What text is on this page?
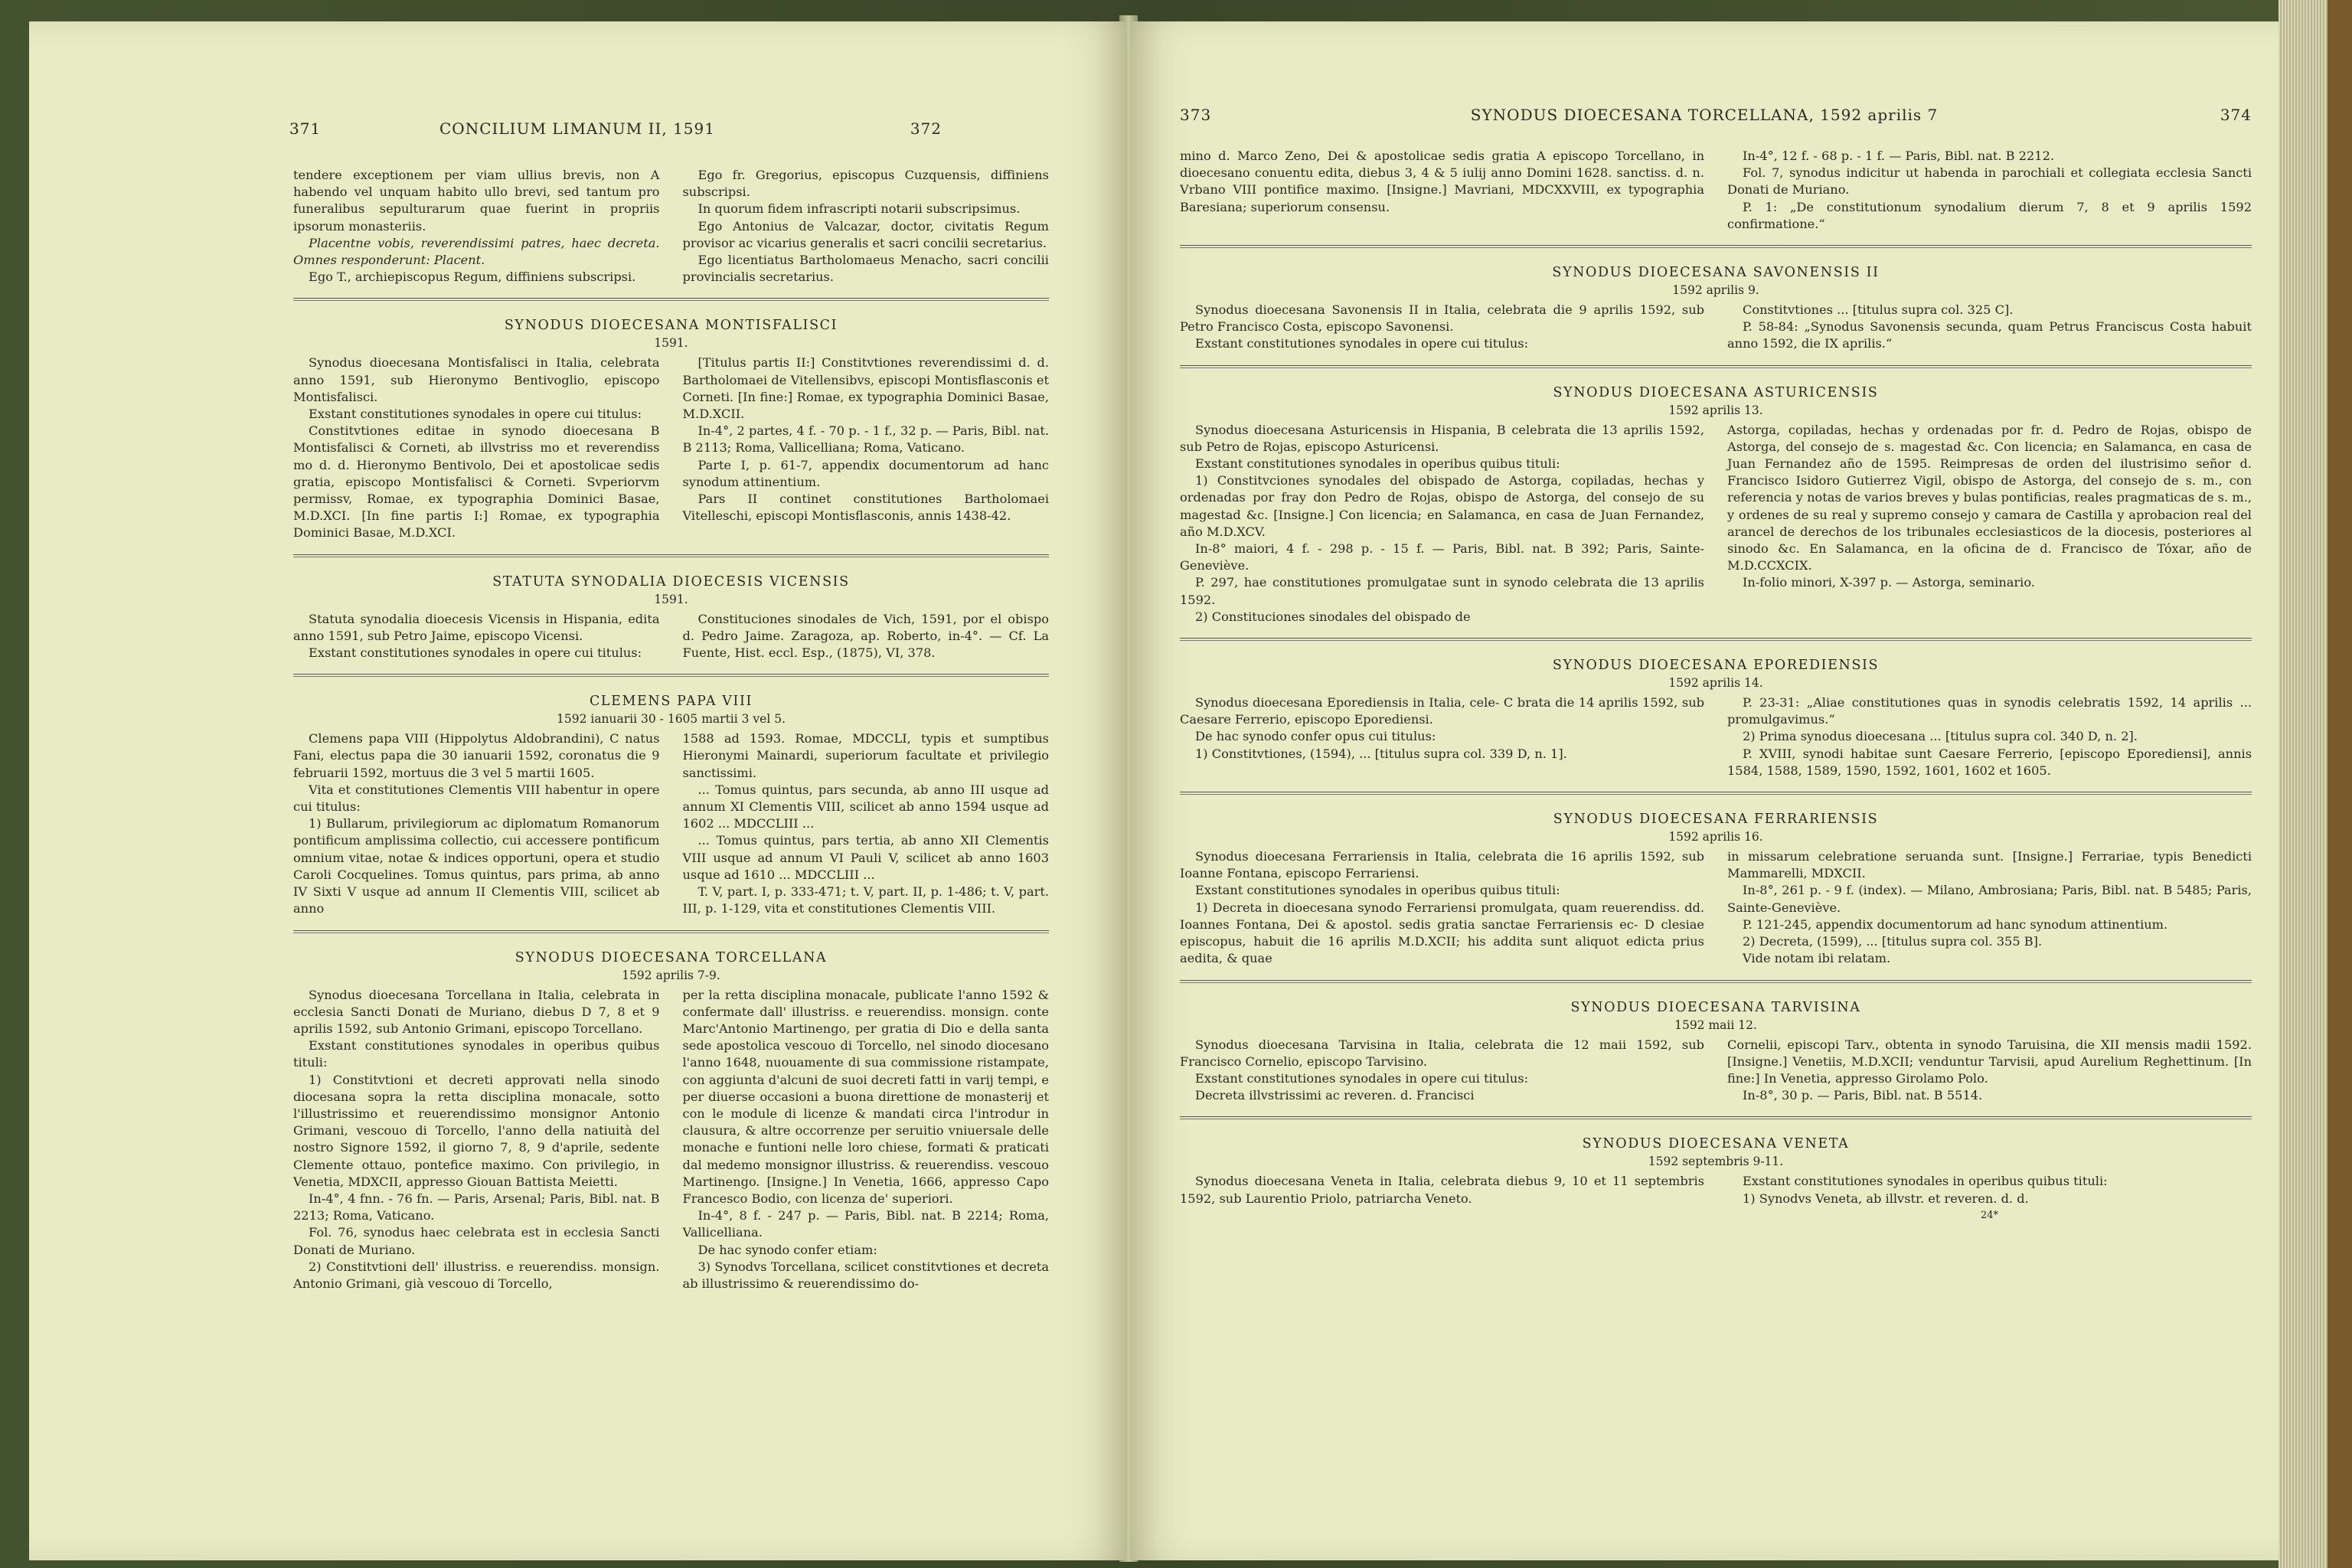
371	CONCILIUM LIMANUM II, 1591	372

tendere exceptionem per viam ullius brevis, non A habendo vel unquam habito ullo brevi, sed tantum pro funeralibus sepulturarum quae fuerint in propriis ipsorum monasteriis.

Placentne vobis, reverendissimi patres, haec decreta. Omnes responderunt: Placent.

Ego T., archiepiscopus Regum, diffiniens subscripsi.

Ego fr. Gregorius, episcopus Cuzquensis, diffiniens subscripsi.

In quorum fidem infrascripti notarii subscripsimus.

Ego Antonius de Valcazar, doctor, civitatis Regum provisor ac vicarius generalis et sacri concilii secretarius.

Ego licentiatus Bartholomaeus Menacho, sacri concilii provincialis secretarius.

SYNODUS DIOECESANA MONTISFALISCI

1591.

Synodus dioecesana Montisfalisci in Italia, celebrata anno 1591, sub Hieronymo Bentivoglio, episcopo Montisfalisci.

Exstant constitutiones synodales in opere cui titulus:

Constitvtiones editae in synodo dioecesana B Montisfalisci & Corneti, ab illvstriss mo et reverendiss mo d. d. Hieronymo Bentivolo, Dei et apostolicae sedis gratia, episcopo Montisfalisci & Corneti. Svperiorvm permissv, Romae, ex typographia Dominici Basae, M.D.XCI. [In fine partis I:] Romae, ex typographia Dominici Basae, M.D.XCI.

[Titulus partis II:] Constitvtiones reverendissimi d. d. Bartholomaei de Vitellensibvs, episcopi Montisflasconis et Corneti. [In fine:] Romae, ex typographia Dominici Basae, M.D.XCII.

In-4°, 2 partes, 4 f. - 70 p. - 1 f., 32 p. — Paris, Bibl. nat. B 2113; Roma, Vallicelliana; Roma, Vaticano.

Parte I, p. 61-7, appendix documentorum ad hanc synodum attinentium.

Pars II continet constitutiones Bartholomaei Vitelleschi, episcopi Montisflasconis, annis 1438-42.

STATUTA SYNODALIA DIOECESIS VICENSIS

1591.

Statuta synodalia dioecesis Vicensis in Hispania, edita anno 1591, sub Petro Jaime, episcopo Vicensi.

Exstant constitutiones synodales in opere cui titulus:

Constituciones sinodales de Vich, 1591, por el obispo d. Pedro Jaime. Zaragoza, ap. Roberto, in-4°. — Cf. La Fuente, Hist. eccl. Esp., (1875), VI, 378.

CLEMENS PAPA VIII

1592 ianuarii 30 - 1605 martii 3 vel 5.

Clemens papa VIII (Hippolytus Aldobrandini), C natus Fani, electus papa die 30 ianuarii 1592, coronatus die 9 februarii 1592, mortuus die 3 vel 5 martii 1605.

Vita et constitutiones Clementis VIII habentur in opere cui titulus:

1) Bullarum, privilegiorum ac diplomatum Romanorum pontificum amplissima collectio, cui accessere pontificum omnium vitae, notae & indices opportuni, opera et studio Caroli Cocquelines. Tomus quintus, pars prima, ab anno IV Sixti V usque ad annum II Clementis VIII, scilicet ab anno

1588 ad 1593. Romae, MDCCLI, typis et sumptibus Hieronymi Mainardi, superiorum facultate et privilegio sanctissimi.

... Tomus quintus, pars secunda, ab anno III usque ad annum XI Clementis VIII, scilicet ab anno 1594 usque ad 1602 ... MDCCLIII ...

... Tomus quintus, pars tertia, ab anno XII Clementis VIII usque ad annum VI Pauli V, scilicet ab anno 1603 usque ad 1610 ... MDCCLIII ...

T. V, part. I, p. 333-471; t. V, part. II, p. 1-486; t. V, part. III, p. 1-129, vita et constitutiones Clementis VIII.

SYNODUS DIOECESANA TORCELLANA

1592 aprilis 7-9.

Synodus dioecesana Torcellana in Italia, celebrata in ecclesia Sancti Donati de Muriano, diebus D 7, 8 et 9 aprilis 1592, sub Antonio Grimani, episcopo Torcellano.

Exstant constitutiones synodales in operibus quibus tituli:

1) Constitvtioni et decreti approvati nella sinodo diocesana sopra la retta disciplina monacale, sotto l'illustrissimo et reuerendissimo monsignor Antonio Grimani, vescouo di Torcello, l'anno della natiuità del nostro Signore 1592, il giorno 7, 8, 9 d'aprile, sedente Clemente ottauo, pontefice maximo. Con privilegio, in Venetia, MDXCII, appresso Giouan Battista Meietti.

In-4°, 4 fnn. - 76 fn. — Paris, Arsenal; Paris, Bibl. nat. B 2213; Roma, Vaticano.

Fol. 76, synodus haec celebrata est in ecclesia Sancti Donati de Muriano.

2) Constitvtioni dell' illustriss. e reuerendiss. monsign. Antonio Grimani, già vescouo di Torcello,

per la retta disciplina monacale, publicate l'anno 1592 & confermate dall' illustriss. e reuerendiss. monsign. conte Marc'Antonio Martinengo, per gratia di Dio e della santa sede apostolica vescouo di Torcello, nel sinodo diocesano l'anno 1648, nuouamente di sua commissione ristampate, con aggiunta d'alcuni de suoi decreti fatti in varij tempi, e per diuerse occasioni a buona direttione de monasterij et con le module di licenze & mandati circa l'introdur in clausura, & altre occorrenze per seruitio vniuersale delle monache e funtioni nelle loro chiese, formati & praticati dal medemo monsignor illustriss. & reuerendiss. vescouo Martinengo. [Insigne.] In Venetia, 1666, appresso Capo Francesco Bodio, con licenza de' superiori.

In-4°, 8 f. - 247 p. — Paris, Bibl. nat. B 2214; Roma, Vallicelliana.

De hac synodo confer etiam:

3) Synodvs Torcellana, scilicet constitvtiones et decreta ab illustrissimo & reuerendissimo do-

373	SYNODUS DIOECESANA TORCELLANA, 1592 aprilis 7	374

mino d. Marco Zeno, Dei & apostolicae sedis gratia A episcopo Torcellano, in dioecesano conuentu edita, diebus 3, 4 & 5 iulij anno Domini 1628. sanctiss. d. n. Vrbano VIII pontifice maximo. [Insigne.] Mavriani, MDCXXVIII, ex typographia Baresiana; superiorum consensu.

In-4°, 12 f. - 68 p. - 1 f. — Paris, Bibl. nat. B 2212.

Fol. 7, synodus indicitur ut habenda in parochiali et collegiata ecclesia Sancti Donati de Muriano.

P. 1: „De constitutionum synodalium dierum 7, 8 et 9 aprilis 1592 confirmatione.“

SYNODUS DIOECESANA SAVONENSIS II

1592 aprilis 9.

Synodus dioecesana Savonensis II in Italia, celebrata die 9 aprilis 1592, sub Petro Francisco Costa, episcopo Savonensi.

Exstant constitutiones synodales in opere cui titulus:

Constitvtiones ... [titulus supra col. 325 C].

P. 58-84: „Synodus Savonensis secunda, quam Petrus Franciscus Costa habuit anno 1592, die IX aprilis.“

SYNODUS DIOECESANA ASTURICENSIS

1592 aprilis 13.

Synodus dioecesana Asturicensis in Hispania, B celebrata die 13 aprilis 1592, sub Petro de Rojas, episcopo Asturicensi.

Exstant constitutiones synodales in operibus quibus tituli:

1) Constitvciones synodales del obispado de Astorga, copiladas, hechas y ordenadas por fray don Pedro de Rojas, obispo de Astorga, del consejo de su magestad &c. [Insigne.] Con licencia; en Salamanca, en casa de Juan Fernandez, año M.D.XCV.

In-8° maiori, 4 f. - 298 p. - 15 f. — Paris, Bibl. nat. B 392; Paris, Sainte-Geneviève.

P. 297, hae constitutiones promulgatae sunt in synodo celebrata die 13 aprilis 1592.

2) Constituciones sinodales del obispado de

Astorga, copiladas, hechas y ordenadas por fr. d. Pedro de Rojas, obispo de Astorga, del consejo de s. magestad &c. Con licencia; en Salamanca, en casa de Juan Fernandez año de 1595. Reimpresas de orden del ilustrisimo señor d. Francisco Isidoro Gutierrez Vigil, obispo de Astorga, del consejo de s. m., con referencia y notas de varios breves y bulas pontificias, reales pragmaticas de s. m., y ordenes de su real y supremo consejo y camara de Castilla y aprobacion real del arancel de derechos de los tribunales ecclesiasticos de la diocesis, posteriores al sinodo &c. En Salamanca, en la oficina de d. Francisco de Tóxar, año de M.D.CCXCIX.

In-folio minori, X-397 p. — Astorga, seminario.

SYNODUS DIOECESANA EPOREDIENSIS

1592 aprilis 14.

Synodus dioecesana Eporediensis in Italia, cele- C brata die 14 aprilis 1592, sub Caesare Ferrerio, episcopo Eporediensi.

De hac synodo confer opus cui titulus:

1) Constitvtiones, (1594), ... [titulus supra col. 339 D, n. 1].

P. 23-31: „Aliae constitutiones quas in synodis celebratis 1592, 14 aprilis ... promulgavimus.“

2) Prima synodus dioecesana ... [titulus supra col. 340 D, n. 2].

P. XVIII, synodi habitae sunt Caesare Ferrerio, [episcopo Eporediensi], annis 1584, 1588, 1589, 1590, 1592, 1601, 1602 et 1605.

SYNODUS DIOECESANA FERRARIENSIS

1592 aprilis 16.

Synodus dioecesana Ferrariensis in Italia, celebrata die 16 aprilis 1592, sub Ioanne Fontana, episcopo Ferrariensi.

Exstant constitutiones synodales in operibus quibus tituli:

1) Decreta in dioecesana synodo Ferrariensi promulgata, quam reuerendiss. dd. Ioannes Fontana, Dei & apostol. sedis gratia sanctae Ferrariensis ec- D clesiae episcopus, habuit die 16 aprilis M.D.XCII; his addita sunt aliquot edicta prius aedita, & quae

in missarum celebratione seruanda sunt. [Insigne.] Ferrariae, typis Benedicti Mammarelli, MDXCII.

In-8°, 261 p. - 9 f. (index). — Milano, Ambrosiana; Paris, Bibl. nat. B 5485; Paris, Sainte-Geneviève.

P. 121-245, appendix documentorum ad hanc synodum attinentium.

2) Decreta, (1599), ... [titulus supra col. 355 B].

Vide notam ibi relatam.

SYNODUS DIOECESANA TARVISINA

1592 maii 12.

Synodus dioecesana Tarvisina in Italia, celebrata die 12 maii 1592, sub Francisco Cornelio, episcopo Tarvisino.

Exstant constitutiones synodales in opere cui titulus:

Decreta illvstrissimi ac reveren. d. Francisci

Cornelii, episcopi Tarv., obtenta in synodo Taruisina, die XII mensis madii 1592. [Insigne.] Venetiis, M.D.XCII; venduntur Tarvisii, apud Aurelium Reghettinum. [In fine:] In Venetia, appresso Girolamo Polo.

In-8°, 30 p. — Paris, Bibl. nat. B 5514.

SYNODUS DIOECESANA VENETA

1592 septembris 9-11.

Synodus dioecesana Veneta in Italia, celebrata diebus 9, 10 et 11 septembris 1592, sub Laurentio Priolo, patriarcha Veneto.

Exstant constitutiones synodales in operibus quibus tituli:

1) Synodvs Veneta, ab illvstr. et reveren. d. d.

24*
